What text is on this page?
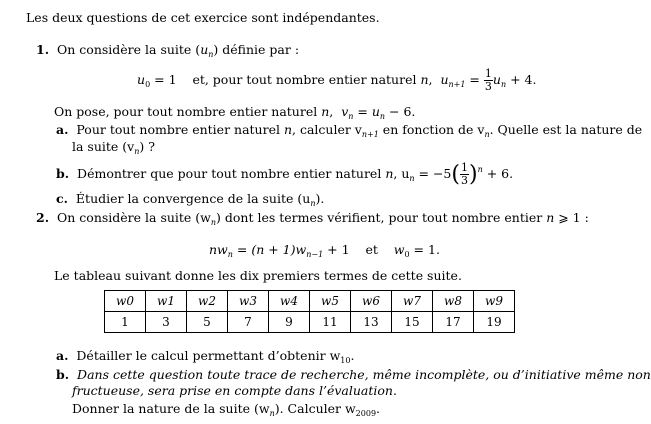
Les deux questions de cet exercice sont indépendantes.
1. On considère la suite $(u_n)$ définie par :
$u_0 = 1$ et, pour tout nombre entier naturel n,  $u_{n+1} = \frac{1}{3} u_n + 4$.
On pose, pour tout nombre entier naturel n,  $v_n = u_n - 6$.
a. Pour tout nombre entier naturel n, calculer $v_{n+1}$ en fonction de $v_n$. Quelle est la nature de
la suite $(v_n)$ ?
b. Démontrer que pour tout nombre entier naturel n, $u_n = -5( \frac{1}{3} )^n + 6$.
c. Étudier la convergence de la suite $(u_n)$.
2. On considère la suite $(w_n)$ dont les termes vérifient, pour tout nombre entier n ⩾ 1 :
$nw_n = (n + 1)w_{n-1} + 1$ et $w_0 = 1$.
Le tableau suivant donne les dix premiers termes de cette suite.
w0	w1	w2	w3	w4	w5	w6	w7	w8	w9
1	3	5	7	9	11	13	15	17	19
a. Détailler le calcul permettant d’obtenir $w_{10}$.
b. Dans cette question toute trace de recherche, même incomplète, ou d’initiative même non
fructueuse, sera prise en compte dans l’évaluation.
Donner la nature de la suite $(w_n)$. Calculer $w_{2009}$.
